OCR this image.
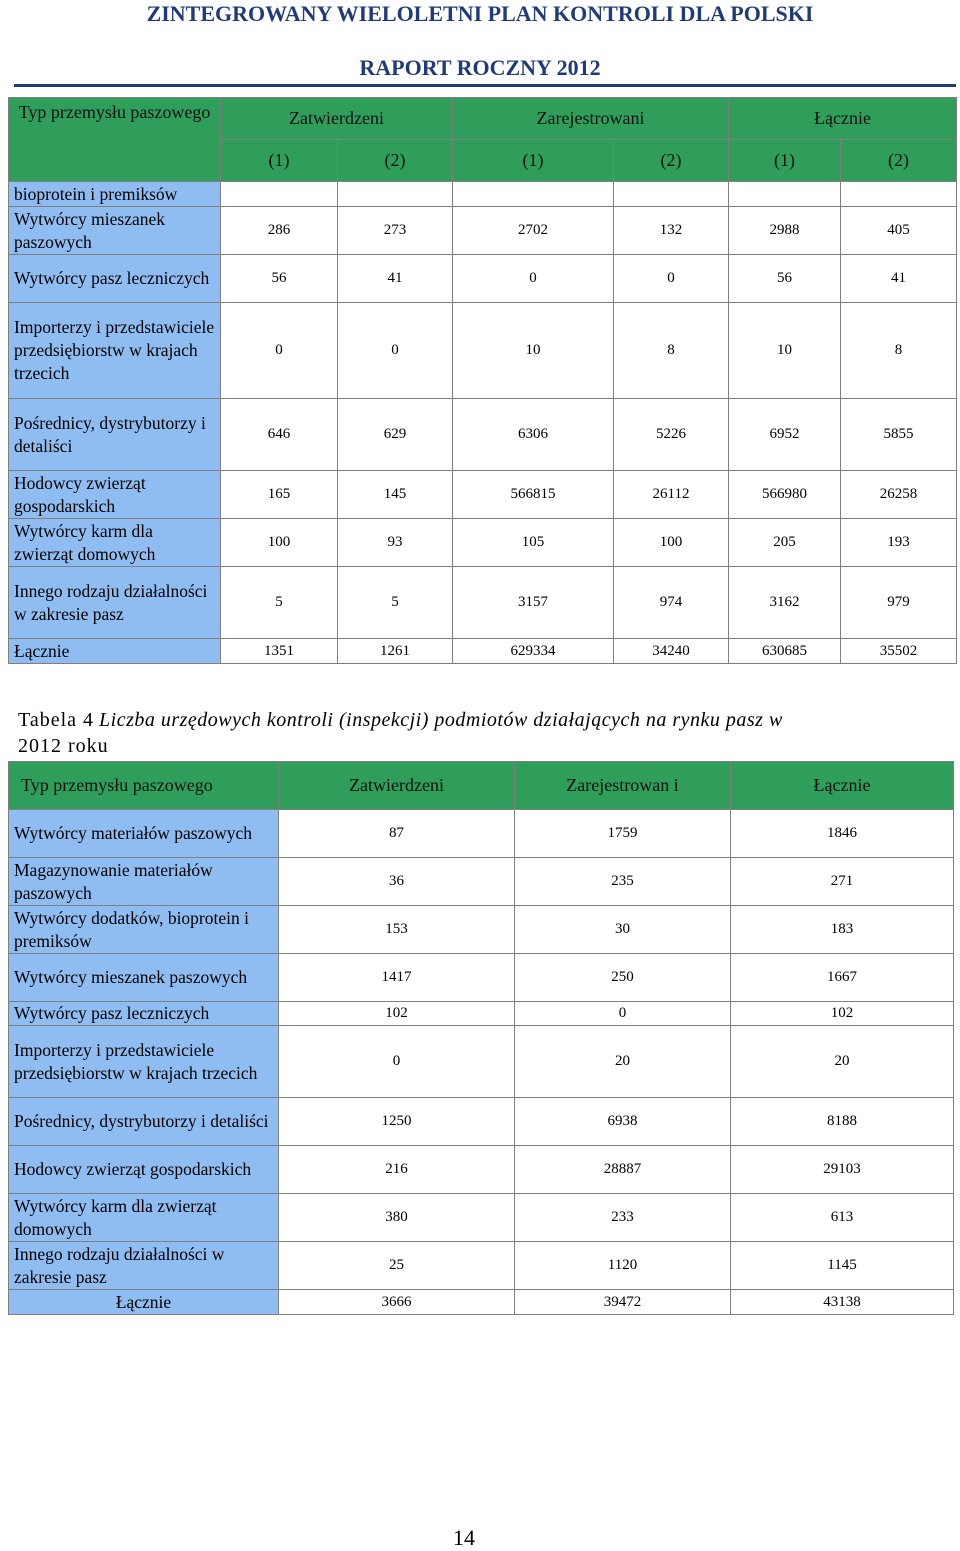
ZINTEGROWANY WIELOLETNI PLAN KONTROLI DLA POLSKI
RAPORT ROCZNY 2012
Typ przemysłu paszowego	Zatwierdzeni		Zarejestrowani		Łącznie	
	(1)	(2)	(1)	(2)	(1)	(2)
bioprotein i premiksów						
Wytwórcy mieszanek paszowych	286	273	2702	132	2988	405
Wytwórcy pasz leczniczych	56	41	0	0	56	41
Importerzy i przedstawiciele przedsiębiorstw w krajach trzecich	0	0	10	8	10	8
Pośrednicy, dystrybutorzy i detaliści	646	629	6306	5226	6952	5855
Hodowcy zwierząt gospodarskich	165	145	566815	26112	566980	26258
Wytwórcy karm dla zwierząt domowych	100	93	105	100	205	193
Innego rodzaju działalności w zakresie pasz	5	5	3157	974	3162	979
Łącznie	1351	1261	629334	34240	630685	35502
Tabela 4 Liczba urzędowych kontroli (inspekcji) podmiotów działających na rynku pasz w
2012 roku
Typ przemysłu paszowego	Zatwierdzeni	Zarejestrowan i	Łącznie
Wytwórcy materiałów paszowych	87	1759	1846
Magazynowanie materiałów paszowych	36	235	271
Wytwórcy dodatków, bioprotein i premiksów	153	30	183
Wytwórcy mieszanek paszowych	1417	250	1667
Wytwórcy pasz leczniczych	102	0	102
Importerzy i przedstawiciele przedsiębiorstw w krajach trzecich	0	20	20
Pośrednicy, dystrybutorzy i detaliści	1250	6938	8188
Hodowcy zwierząt gospodarskich	216	28887	29103
Wytwórcy karm dla zwierząt domowych	380	233	613
Innego rodzaju działalności w zakresie pasz	25	1120	1145
Łącznie	3666	39472	43138
14
